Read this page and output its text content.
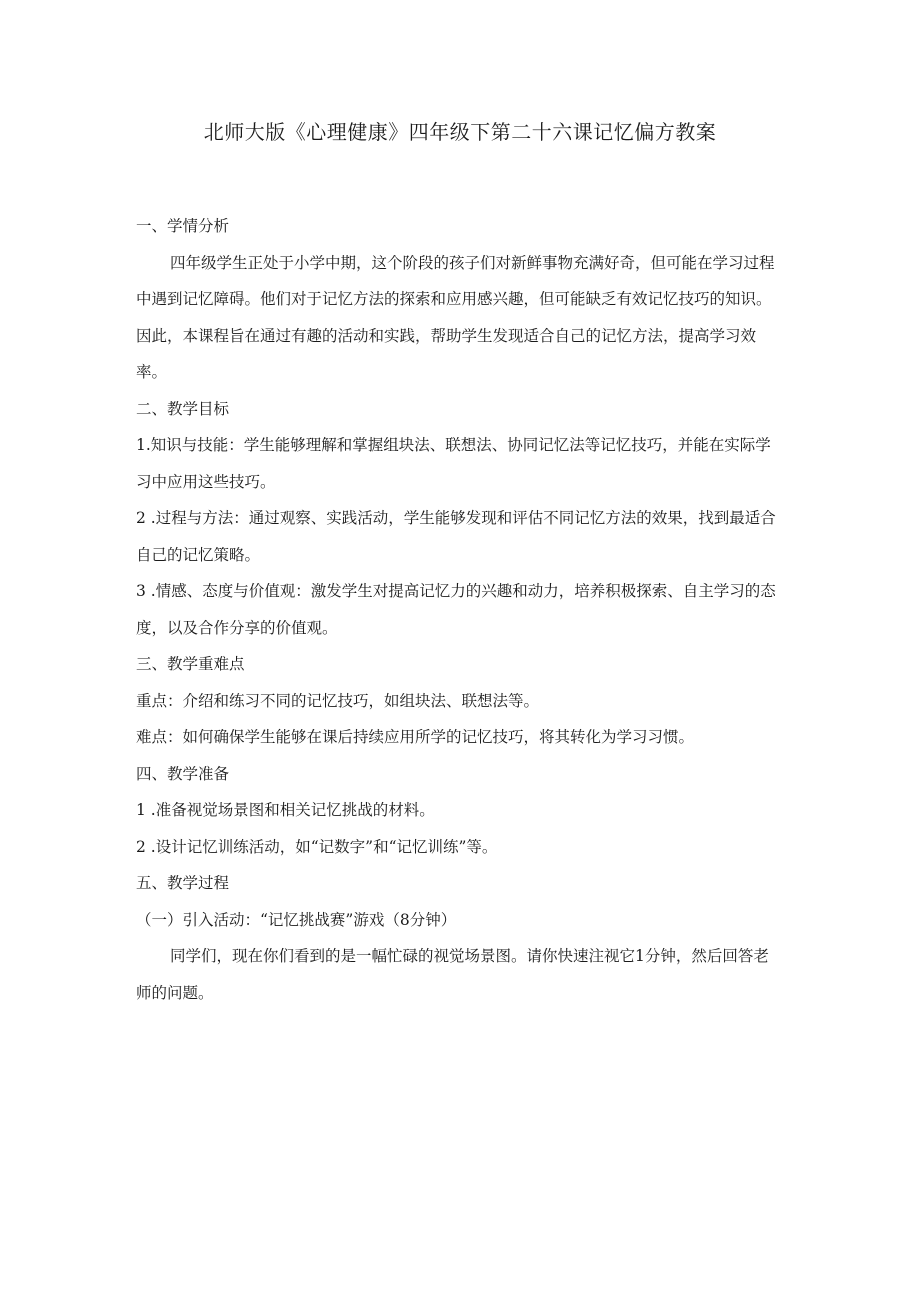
北师大版《心理健康》四年级下第二十六课记忆偏方教案

一、学情分析

四年级学生正处于小学中期，这个阶段的孩子们对新鲜事物充满好奇，但可能在学习过程中遇到记忆障碍。他们对于记忆方法的探索和应用感兴趣，但可能缺乏有效记忆技巧的知识。因此，本课程旨在通过有趣的活动和实践，帮助学生发现适合自己的记忆方法，提高学习效率。

二、教学目标

1.知识与技能：学生能够理解和掌握组块法、联想法、协同记忆法等记忆技巧，并能在实际学习中应用这些技巧。

2 .过程与方法：通过观察、实践活动，学生能够发现和评估不同记忆方法的效果，找到最适合自己的记忆策略。

3 .情感、态度与价值观：激发学生对提高记忆力的兴趣和动力，培养积极探索、自主学习的态度，以及合作分享的价值观。

三、教学重难点

重点：介绍和练习不同的记忆技巧，如组块法、联想法等。

难点：如何确保学生能够在课后持续应用所学的记忆技巧，将其转化为学习习惯。

四、教学准备

1 .准备视觉场景图和相关记忆挑战的材料。

2 .设计记忆训练活动，如“记数字”和“记忆训练”等。

五、教学过程

（一）引入活动：“记忆挑战赛”游戏（8分钟）

同学们，现在你们看到的是一幅忙碌的视觉场景图。请你快速注视它1分钟，然后回答老师的问题。
